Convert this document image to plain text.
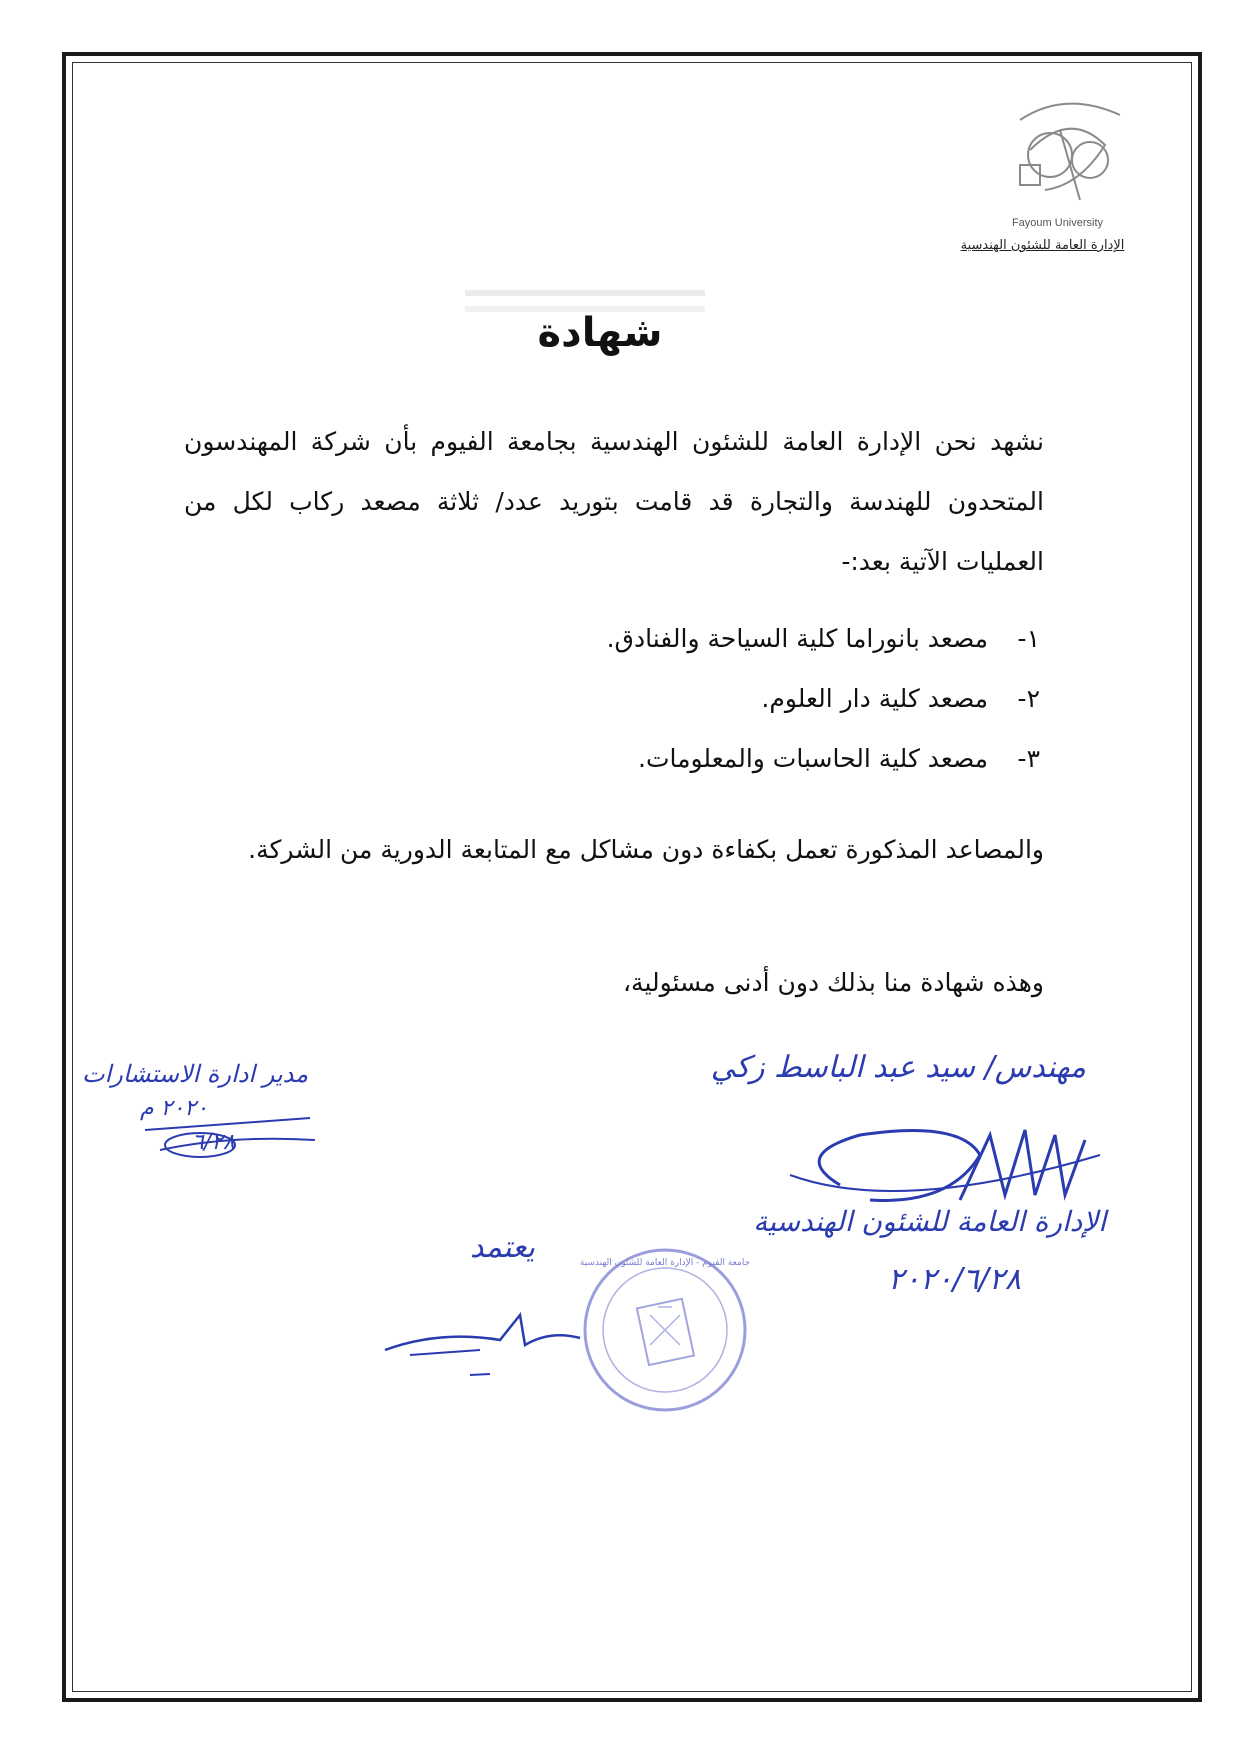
Fayoum University
الإدارة العامة للشئون الهندسية
شهادة
نشهد نحن الإدارة العامة للشئون الهندسية بجامعة الفيوم بأن شركة المهندسون المتحدون للهندسة والتجارة قد قامت بتوريد عدد/ ثلاثة مصعد ركاب لكل من العمليات الآتية بعد:-
١- مصعد بانوراما كلية السياحة والفنادق.
٢- مصعد كلية دار العلوم.
٣- مصعد كلية الحاسبات والمعلومات.
والمصاعد المذكورة تعمل بكفاءة دون مشاكل مع المتابعة الدورية من الشركة.
وهذه شهادة منا بذلك دون أدنى مسئولية،
مدير ادارة الاستشارات
٢٠٢٠ م
٦/٢٨
مهندس/ سيد عبد الباسط زكي
الإدارة العامة للشئون الهندسية
٢٠٢٠/٦/٢٨
يعتمد	جامعة الفيوم - الإدارة العامة للشئون الهندسية
